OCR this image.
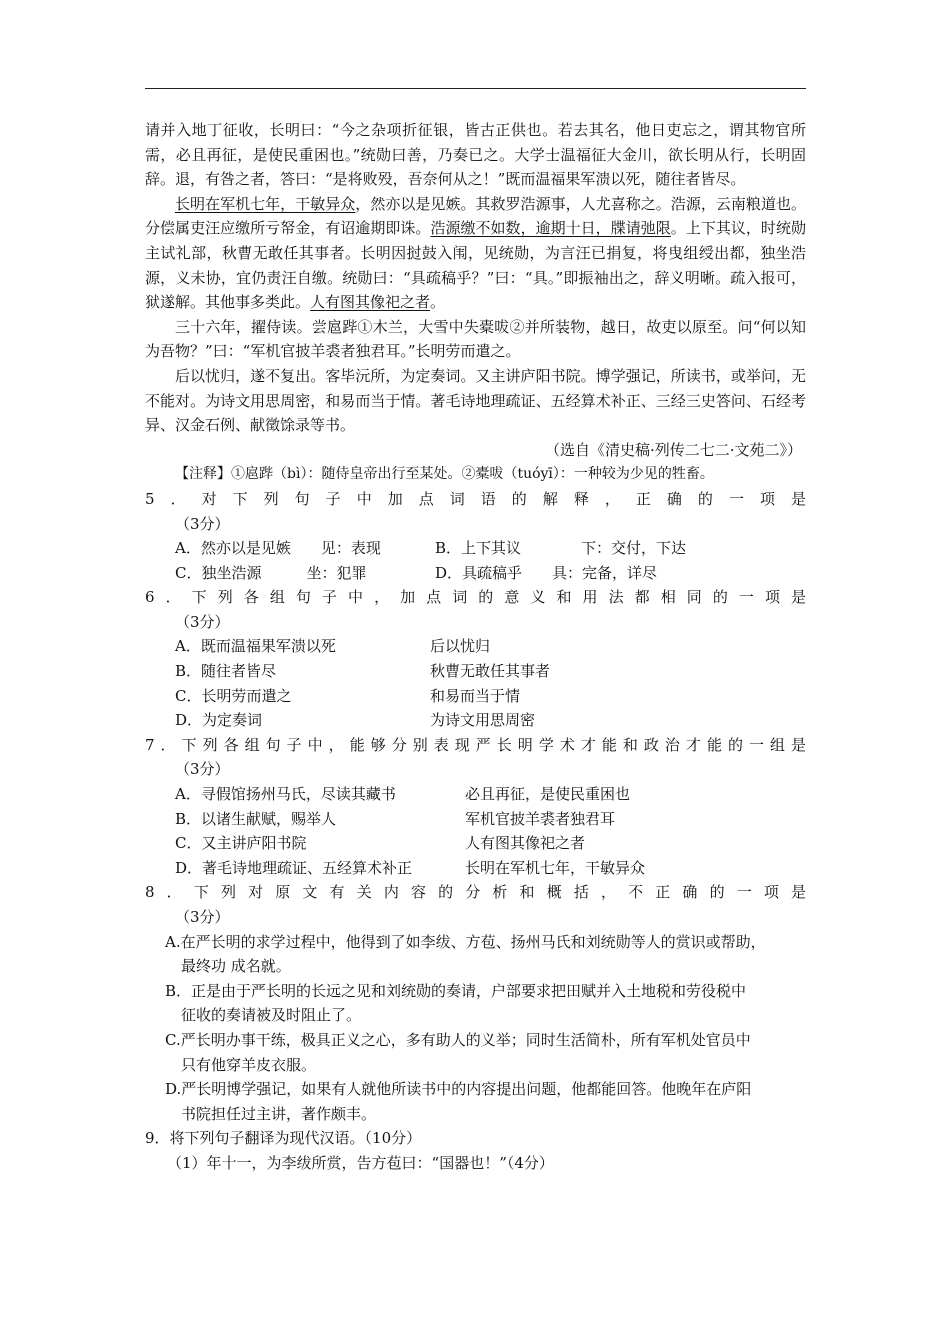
请并入地丁征收，长明曰：“今之杂项折征银，皆古正供也。若去其名，他日吏忘之，谓其物官所需，必且再征，是使民重困也。”统勋曰善，乃奏已之。大学士温福征大金川，欲长明从行，长明固辞。退，有咎之者，答曰：“是将败殁，吾奈何从之！”既而温福果军溃以死，随往者皆尽。

长明在军机七年，干敏异众，然亦以是见嫉。其救罗浩源事，人尤喜称之。浩源，云南粮道也。分偿属吏汪应缴所亏帑金，有诏逾期即诛。浩源缴不如数，逾期十日，牒请弛限。上下其议，时统勋主试礼部，秋曹无敢任其事者。长明因挝鼓入闱，见统勋，为言汪已捐复，将曳组绶出都，独坐浩源，义未协，宜仍责汪自缴。统勋曰：“具疏稿乎？”曰：“具。”即振袖出之，辞义明晰。疏入报可，狱遂解。其他事多类此。人有图其像祀之者。

三十六年，擢侍读。尝扈跸①木兰，大雪中失橐㕹②并所装物，越日，故吏以原至。问“何以知为吾物？”曰：“军机官披羊裘者独君耳。”长明劳而遣之。

后以忧归，遂不复出。客毕沅所，为定奏词。又主讲庐阳书院。博学强记，所读书，或举问，无不能对。为诗文用思周密，和易而当于情。著毛诗地理疏证、五经算术补正、三经三史答问、石经考异、汉金石例、献徵馀录等书。

（选自《清史稿·列传二七二·文苑二》）
【注释】①扈跸（bì）：随侍皇帝出行至某处。②橐㕹（tuóyī）：一种较为少见的牲畜。
5．对下列句子中加点词语的解释，正确的一项是
（3分）
A．然亦以是见嫉　　见：表现	B．上下其议　　　　下：交付，下达
C．独坐浩源　　　坐：犯罪	D．具疏稿乎　　具：完备，详尽
6．下列各组句子中，加点词的意义和用法都相同的一项是
（3分）
A．既而温福果军溃以死	后以忧归
B．随往者皆尽	秋曹无敢任其事者
C．长明劳而遣之	和易而当于情
D．为定奏词	为诗文用思周密
7．下列各组句子中，能够分别表现严长明学术才能和政治才能的一组是
（3分）
A．寻假馆扬州马氏，尽读其藏书	必且再征，是使民重困也
B．以诸生献赋，赐举人	军机官披羊裘者独君耳
C．又主讲庐阳书院	人有图其像祀之者
D．著毛诗地理疏证、五经算术补正	长明在军机七年，干敏异众
8．下列对原文有关内容的分析和概括，不正确的一项是
（3分）
A.在严长明的求学过程中，他得到了如李绂、方苞、扬州马氏和刘统勋等人的赏识或帮助，
最终功 成名就。
B．正是由于严长明的长远之见和刘统勋的奏请，户部要求把田赋并入土地税和劳役税中
征收的奏请被及时阻止了。
C.严长明办事干练，极具正义之心，多有助人的义举；同时生活简朴，所有军机处官员中
只有他穿羊皮衣服。
D.严长明博学强记，如果有人就他所读书中的内容提出问题，他都能回答。他晚年在庐阳
书院担任过主讲，著作颇丰。
9．将下列句子翻译为现代汉语。（10分）
（1）年十一，为李绂所赏，告方苞曰：“国器也！”（4分）
